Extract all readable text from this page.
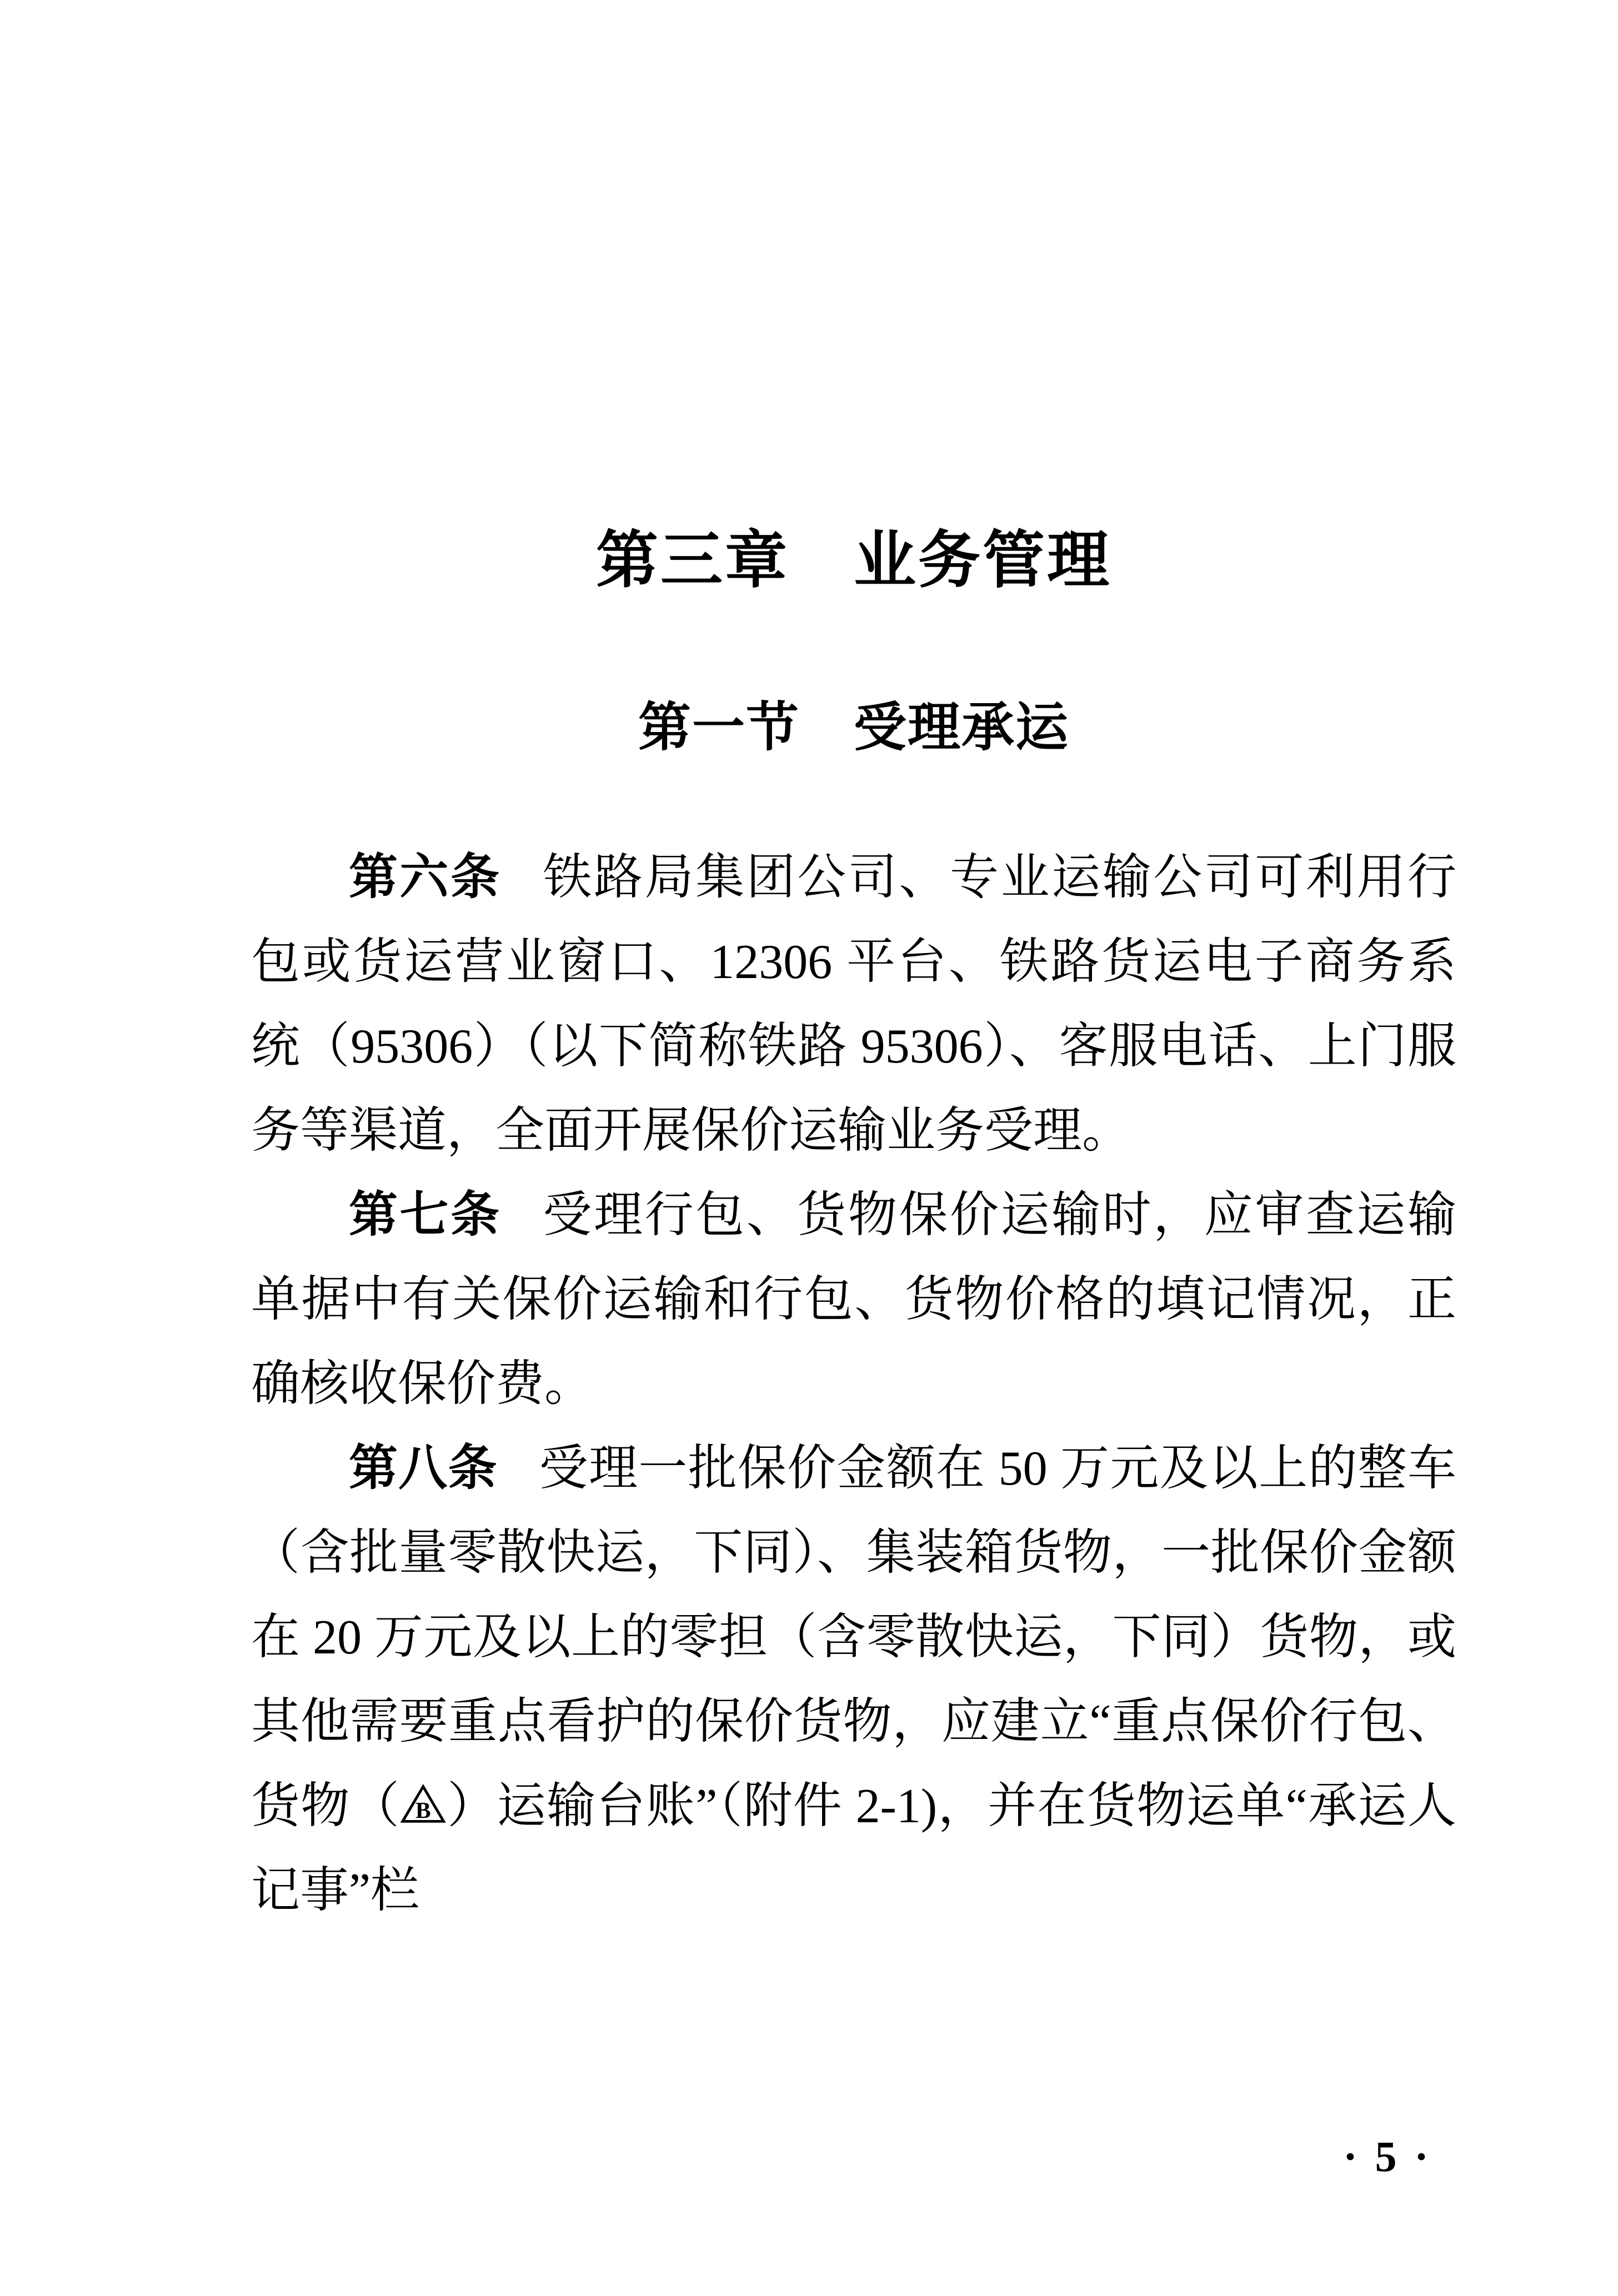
第三章　业务管理
第一节　受理承运

第六条 铁路局集团公司、专业运输公司可利用行包或货运营业窗口、12306 平台、铁路货运电子商务系统（95306）（以下简称铁路 95306）、客服电话、上门服务等渠道，全面开展保价运输业务受理。

第七条 受理行包、货物保价运输时，应审查运输单据中有关保价运输和行包、货物价格的填记情况，正确核收保价费。

第八条 受理一批保价金额在 50 万元及以上的整车（含批量零散快运，下同）、集装箱货物，一批保价金额在 20 万元及以上的零担（含零散快运，下同）货物，或其他需要重点看护的保价货物，应建立“重点保价行包、货物（ B ）运输台账”（附件 2-1)，并在货物运单“承运人记事”栏

· 5 ·
